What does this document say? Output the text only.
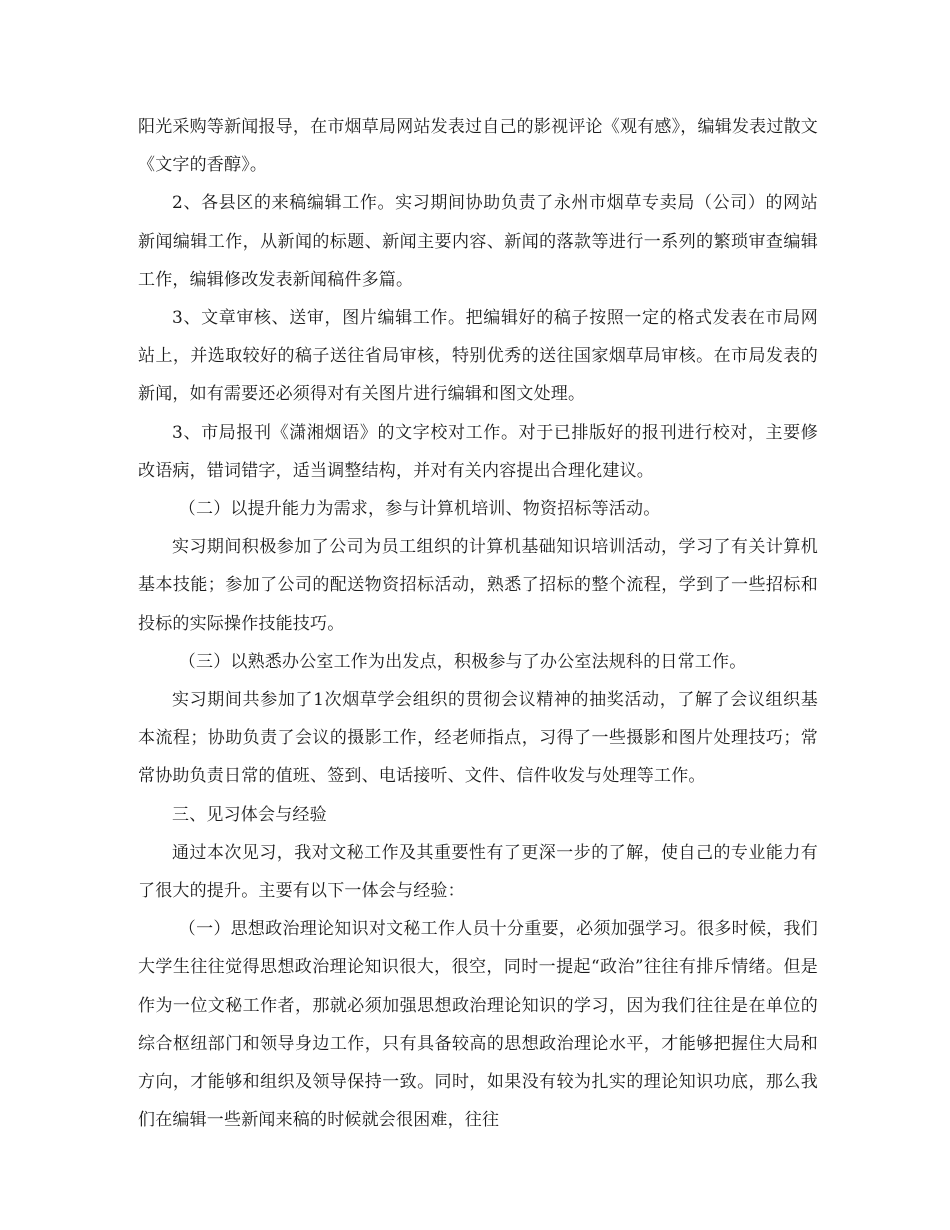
阳光采购等新闻报导，在市烟草局网站发表过自己的影视评论《观有感》，编辑发表过散文《文字的香醇》。

2、各县区的来稿编辑工作。实习期间协助负责了永州市烟草专卖局（公司）的网站新闻编辑工作，从新闻的标题、新闻主要内容、新闻的落款等进行一系列的繁琐审查编辑工作，编辑修改发表新闻稿件多篇。

3、文章审核、送审，图片编辑工作。把编辑好的稿子按照一定的格式发表在市局网站上，并选取较好的稿子送往省局审核，特别优秀的送往国家烟草局审核。在市局发表的新闻，如有需要还必须得对有关图片进行编辑和图文处理。

3、市局报刊《潇湘烟语》的文字校对工作。对于已排版好的报刊进行校对，主要修改语病，错词错字，适当调整结构，并对有关内容提出合理化建议。

（二）以提升能力为需求，参与计算机培训、物资招标等活动。

实习期间积极参加了公司为员工组织的计算机基础知识培训活动，学习了有关计算机基本技能；参加了公司的配送物资招标活动，熟悉了招标的整个流程，学到了一些招标和投标的实际操作技能技巧。

（三）以熟悉办公室工作为出发点，积极参与了办公室法规科的日常工作。

实习期间共参加了1次烟草学会组织的贯彻会议精神的抽奖活动，了解了会议组织基本流程；协助负责了会议的摄影工作，经老师指点，习得了一些摄影和图片处理技巧；常常协助负责日常的值班、签到、电话接听、文件、信件收发与处理等工作。

三、见习体会与经验

通过本次见习，我对文秘工作及其重要性有了更深一步的了解，使自己的专业能力有了很大的提升。主要有以下一体会与经验：

（一）思想政治理论知识对文秘工作人员十分重要，必须加强学习。很多时候，我们大学生往往觉得思想政治理论知识很大，很空，同时一提起“政治”往往有排斥情绪。但是作为一位文秘工作者，那就必须加强思想政治理论知识的学习，因为我们往往是在单位的综合枢纽部门和领导身边工作，只有具备较高的思想政治理论水平，才能够把握住大局和方向，才能够和组织及领导保持一致。同时，如果没有较为扎实的理论知识功底，那么我们在编辑一些新闻来稿的时候就会很困难，往往
